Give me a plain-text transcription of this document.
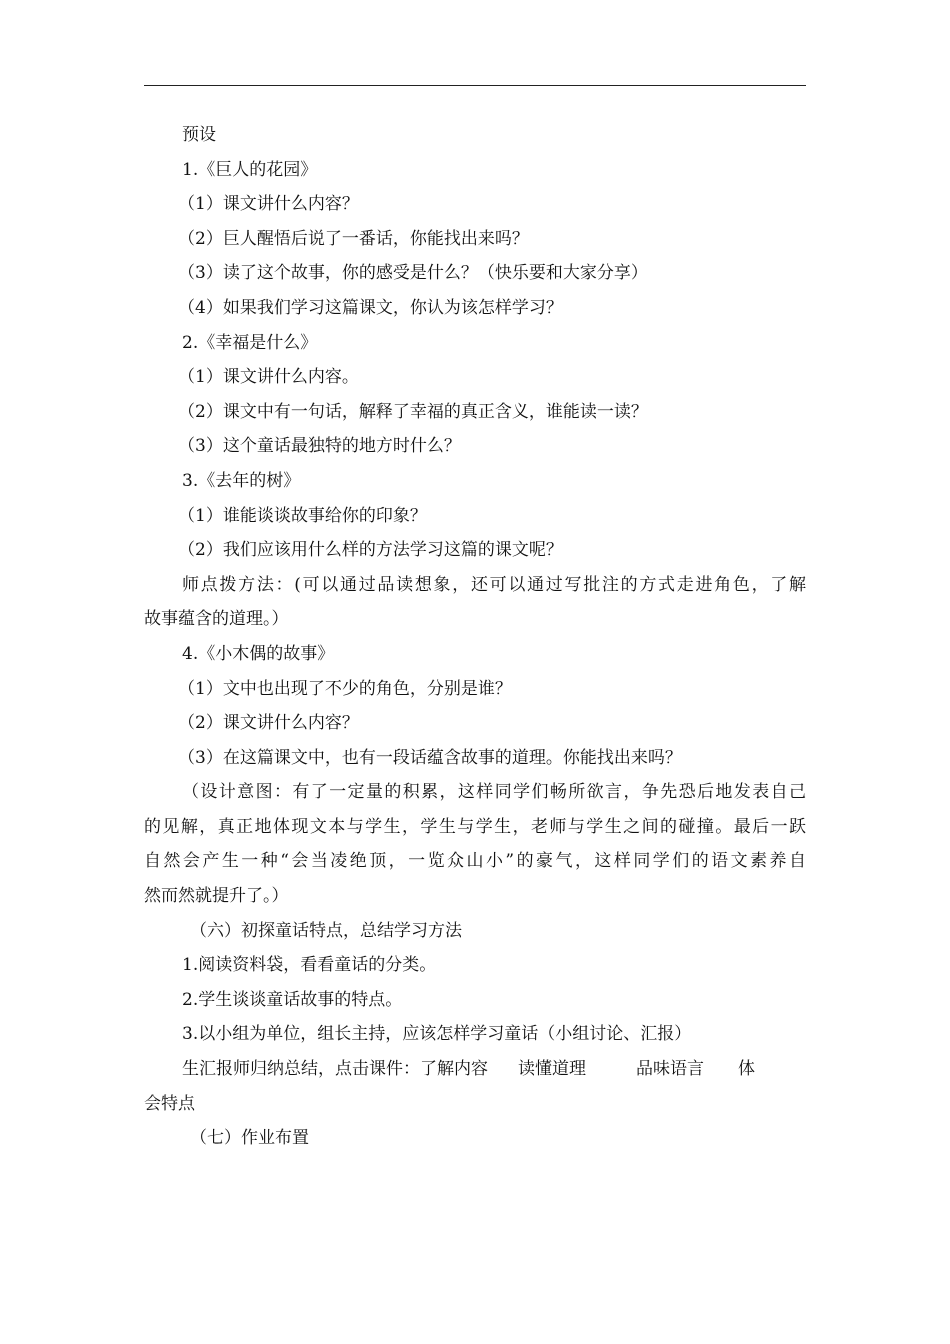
预设
1.《巨人的花园》
（1）课文讲什么内容？
（2）巨人醒悟后说了一番话，你能找出来吗？
（3）读了这个故事，你的感受是什么？（快乐要和大家分享）
（4）如果我们学习这篇课文，你认为该怎样学习？
2.《幸福是什么》
（1）课文讲什么内容。
（2）课文中有一句话，解释了幸福的真正含义，谁能读一读？
（3）这个童话最独特的地方时什么？
3.《去年的树》
（1）谁能谈谈故事给你的印象？
（2）我们应该用什么样的方法学习这篇的课文呢？
师点拨方法：(可以通过品读想象，还可以通过写批注的方式走进角色，了解
故事蕴含的道理。）
4.《小木偶的故事》
（1）文中也出现了不少的角色，分别是谁？
（2）课文讲什么内容？
（3）在这篇课文中，也有一段话蕴含故事的道理。你能找出来吗？
（设计意图：有了一定量的积累，这样同学们畅所欲言，争先恐后地发表自己
的见解，真正地体现文本与学生，学生与学生，老师与学生之间的碰撞。最后一跃
自然会产生一种“会当凌绝顶，一览众山小”的豪气，这样同学们的语文素养自
然而然就提升了。）
（六）初探童话特点，总结学习方法
1.阅读资料袋，看看童话的分类。
2.学生谈谈童话故事的特点。
3.以小组为单位，组长主持，应该怎样学习童话（小组讨论、汇报）
生汇报师归纳总结，点击课件：了解内容 读懂道理	品味语言 体
会特点
（七）作业布置
